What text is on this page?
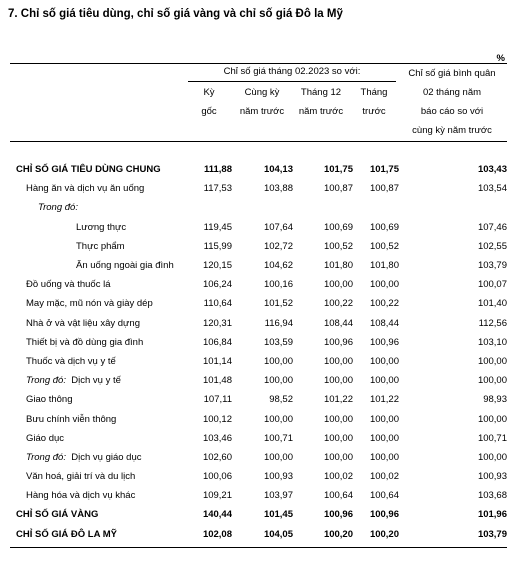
7. Chỉ số giá tiêu dùng, chỉ số giá vàng và chỉ số giá Đô la Mỹ
%
Chỉ số giá tháng 02.2023 so với:
Kỳ
gốc
Cùng kỳ
năm trước
Tháng 12
năm trước
Tháng
trước
Chỉ số giá bình quân
02 tháng năm
báo cáo so với
cùng kỳ năm trước
CHỈ SỐ GIÁ TIÊU DÙNG CHUNG	111,88	104,13	101,75	101,75	103,43
Hàng ăn và dịch vụ ăn uống	117,53	103,88	100,87	100,87	103,54
Trong đó:					
Lương thực	119,45	107,64	100,69	100,69	107,46
Thực phẩm	115,99	102,72	100,52	100,52	102,55
Ăn uống ngoài gia đình	120,15	104,62	101,80	101,80	103,79
Đồ uống và thuốc lá	106,24	100,16	100,00	100,00	100,07
May mặc, mũ nón và giày dép	110,64	101,52	100,22	100,22	101,40
Nhà ở và vật liệu xây dựng	120,31	116,94	108,44	108,44	112,56
Thiết bị và đồ dùng gia đình	106,84	103,59	100,96	100,96	103,10
Thuốc và dịch vụ y tế	101,14	100,00	100,00	100,00	100,00
Trong đó: Dịch vụ y tế	101,48	100,00	100,00	100,00	100,00
Giao thông	107,11	98,52	101,22	101,22	98,93
Bưu chính viễn thông	100,12	100,00	100,00	100,00	100,00
Giáo dục	103,46	100,71	100,00	100,00	100,71
Trong đó: Dịch vụ giáo dục	102,60	100,00	100,00	100,00	100,00
Văn hoá, giải trí và du lịch	100,06	100,93	100,02	100,02	100,93
Hàng hóa và dịch vụ khác	109,21	103,97	100,64	100,64	103,68
CHỈ SỐ GIÁ VÀNG	140,44	101,45	100,96	100,96	101,96
CHỈ SỐ GIÁ ĐÔ LA MỸ	102,08	104,05	100,20	100,20	103,79
